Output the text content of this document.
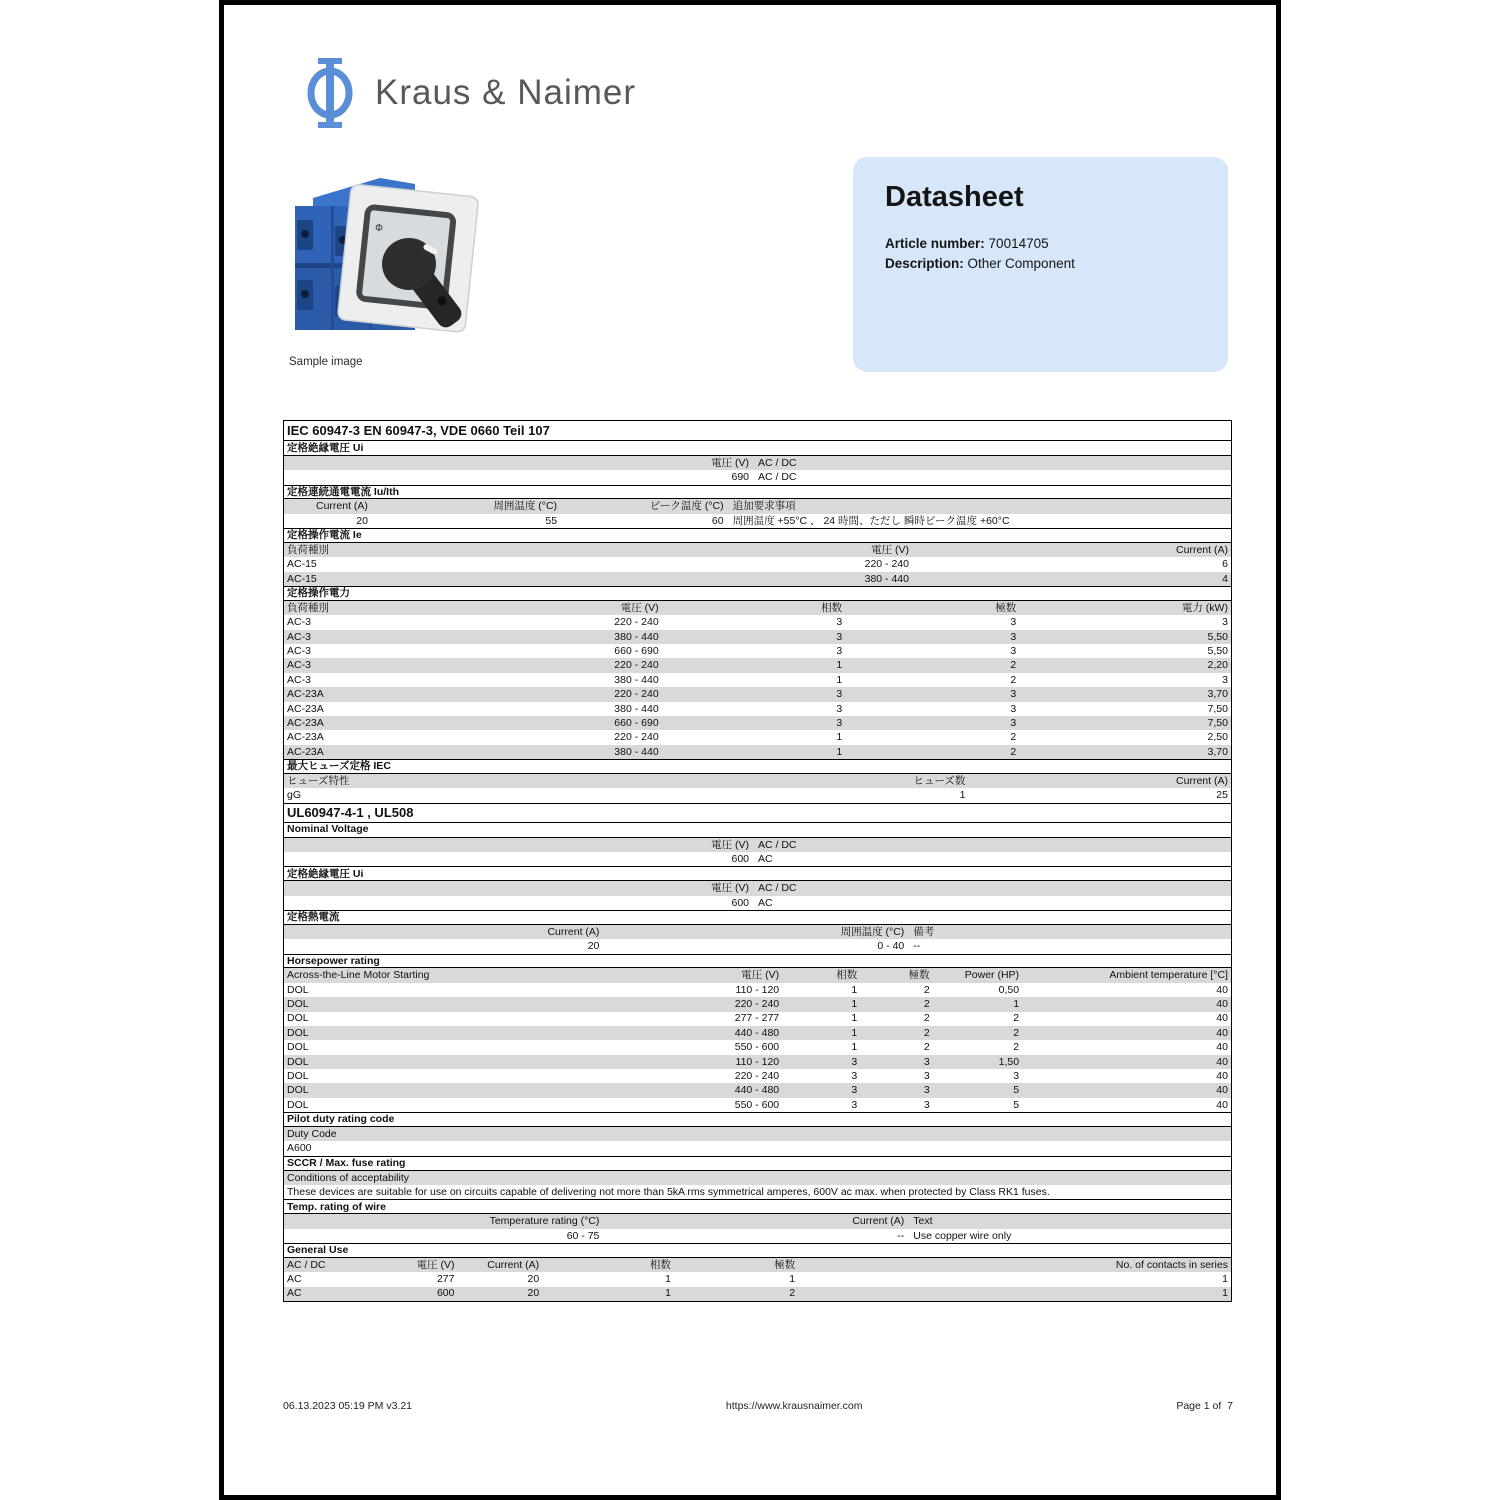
Kraus & Naimer
Φ
Sample image
Datasheet
Article number: 70014705
Description: Other Component
IEC 60947-3 EN 60947-3, VDE 0660 Teil 107
定格絶縁電圧 Ui
電圧 (V) AC / DC
690 AC / DC
定格連続通電電流 Iu/Ith
Current (A)	周囲温度 (°C)	ピーク温度 (°C) 追加要求事項
20	55	60 周囲温度 +55°C 、 24 時間、ただし 瞬時ピーク温度 +60°C
定格操作電流 Ie
負荷種別	電圧 (V)	Current (A)
AC-15	220 - 240	6
AC-15	380 - 440	4
定格操作電力
負荷種別	電圧 (V)	相数	極数	電力 (kW)
AC-3	220 - 240	3	3	3
AC-3	380 - 440	3	3	5,50
AC-3	660 - 690	3	3	5,50
AC-3	220 - 240	1	2	2,20
AC-3	380 - 440	1	2	3
AC-23A	220 - 240	3	3	3,70
AC-23A	380 - 440	3	3	7,50
AC-23A	660 - 690	3	3	7,50
AC-23A	220 - 240	1	2	2,50
AC-23A	380 - 440	1	2	3,70
最大ヒューズ定格 IEC
ヒューズ特性	ヒューズ数	Current (A)
gG	1	25
UL60947-4-1 , UL508
Nominal Voltage
電圧 (V) AC / DC
600 AC
定格絶縁電圧 Ui
電圧 (V) AC / DC
600 AC
定格熱電流
Current (A)	周囲温度 (°C) 備考
20	0 - 40 --
Horsepower rating
Across-the-Line Motor Starting	電圧 (V)	相数	極数	Power (HP)	Ambient temperature [°C]
DOL	110 - 120	1	2	0,50	40
DOL	220 - 240	1	2	1	40
DOL	277 - 277	1	2	2	40
DOL	440 - 480	1	2	2	40
DOL	550 - 600	1	2	2	40
DOL	110 - 120	3	3	1,50	40
DOL	220 - 240	3	3	3	40
DOL	440 - 480	3	3	5	40
DOL	550 - 600	3	3	5	40
Pilot duty rating code
Duty Code
A600
SCCR / Max. fuse rating
Conditions of acceptability
These devices are suitable for use on circuits capable of delivering not more than 5kA rms symmetrical amperes, 600V ac max. when protected by Class RK1 fuses.
Temp. rating of wire
Temperature rating (°C)	Current (A) Text
60 - 75	-- Use copper wire only
General Use
AC / DC	電圧 (V)	Current (A)	相数	極数	No. of contacts in series
AC	277	20	1	1	1
AC	600	20	1	2	1
06.13.2023 05:19 PM v3.21	https://www.krausnaimer.com	Page 1 of  7
